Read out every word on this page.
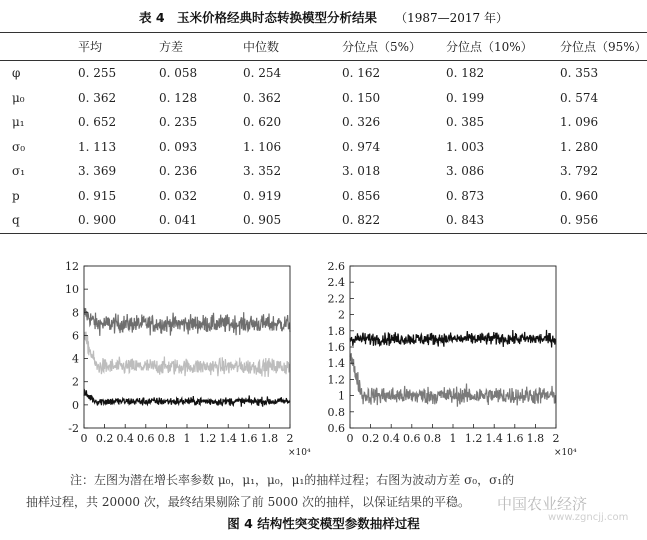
表 4 玉米价格经典时态转换模型分析结果 （1987—2017 年）
	平均	方差	中位数	分位点（5%）	分位点（10%）	分位点（95%）
φ	0. 255	0. 058	0. 254	0. 162	0. 182	0. 353
μ₀	0. 362	0. 128	0. 362	0. 150	0. 199	0. 574
μ₁	0. 652	0. 235	0. 620	0. 326	0. 385	1. 096
σ₀	1. 113	0. 093	1. 106	0. 974	1. 003	1. 280
σ₁	3. 369	0. 236	3. 352	3. 018	3. 086	3. 792
p	0. 915	0. 032	0. 919	0. 856	0. 873	0. 960
q	0. 900	0. 041	0. 905	0. 822	0. 843	0. 956
-2
0
2
4
6
8
10
12
0 0.2 0.4 0.6 0.8 1 1.2 1.4 1.6 1.8 2
×10⁴
0.6
0.8
1
1.2
1.4
1.6
1.8
2
2.2
2.4
2.6
0 0.2 0.4 0.6 0.8 1 1.2 1.4 1.6 1.8 2
×10⁴
注：左图为潜在增长率参数 μ₀，μ₁，μ₀，μ₁的抽样过程；右图为波动方差 σ₀，σ₁的
抽样过程，共 20000 次，最终结果剔除了前 5000 次的抽样，以保证结果的平稳。 中国农业经济
www.zgncjj.com
图 4 结构性突变模型参数抽样过程
